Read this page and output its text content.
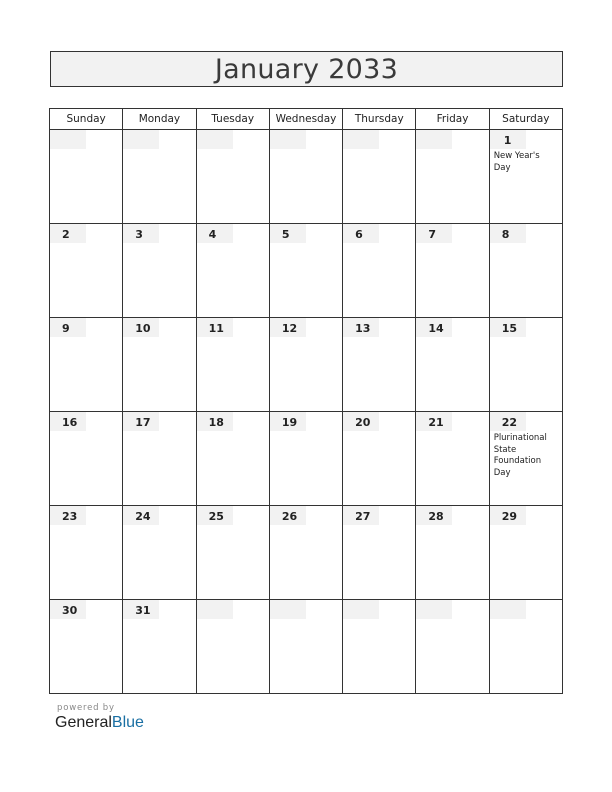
January 2033
Sunday	Monday	Tuesday	Wednesday	Thursday	Friday	Saturday

						1
New Year's Day

2	3	4	5	6	7	8

9	10	11	12	13	14	15

16	17	18	19	20	21	22
Plurinational State Foundation Day

23	24	25	26	27	28	29

30	31					

powered by
GeneralBlue
